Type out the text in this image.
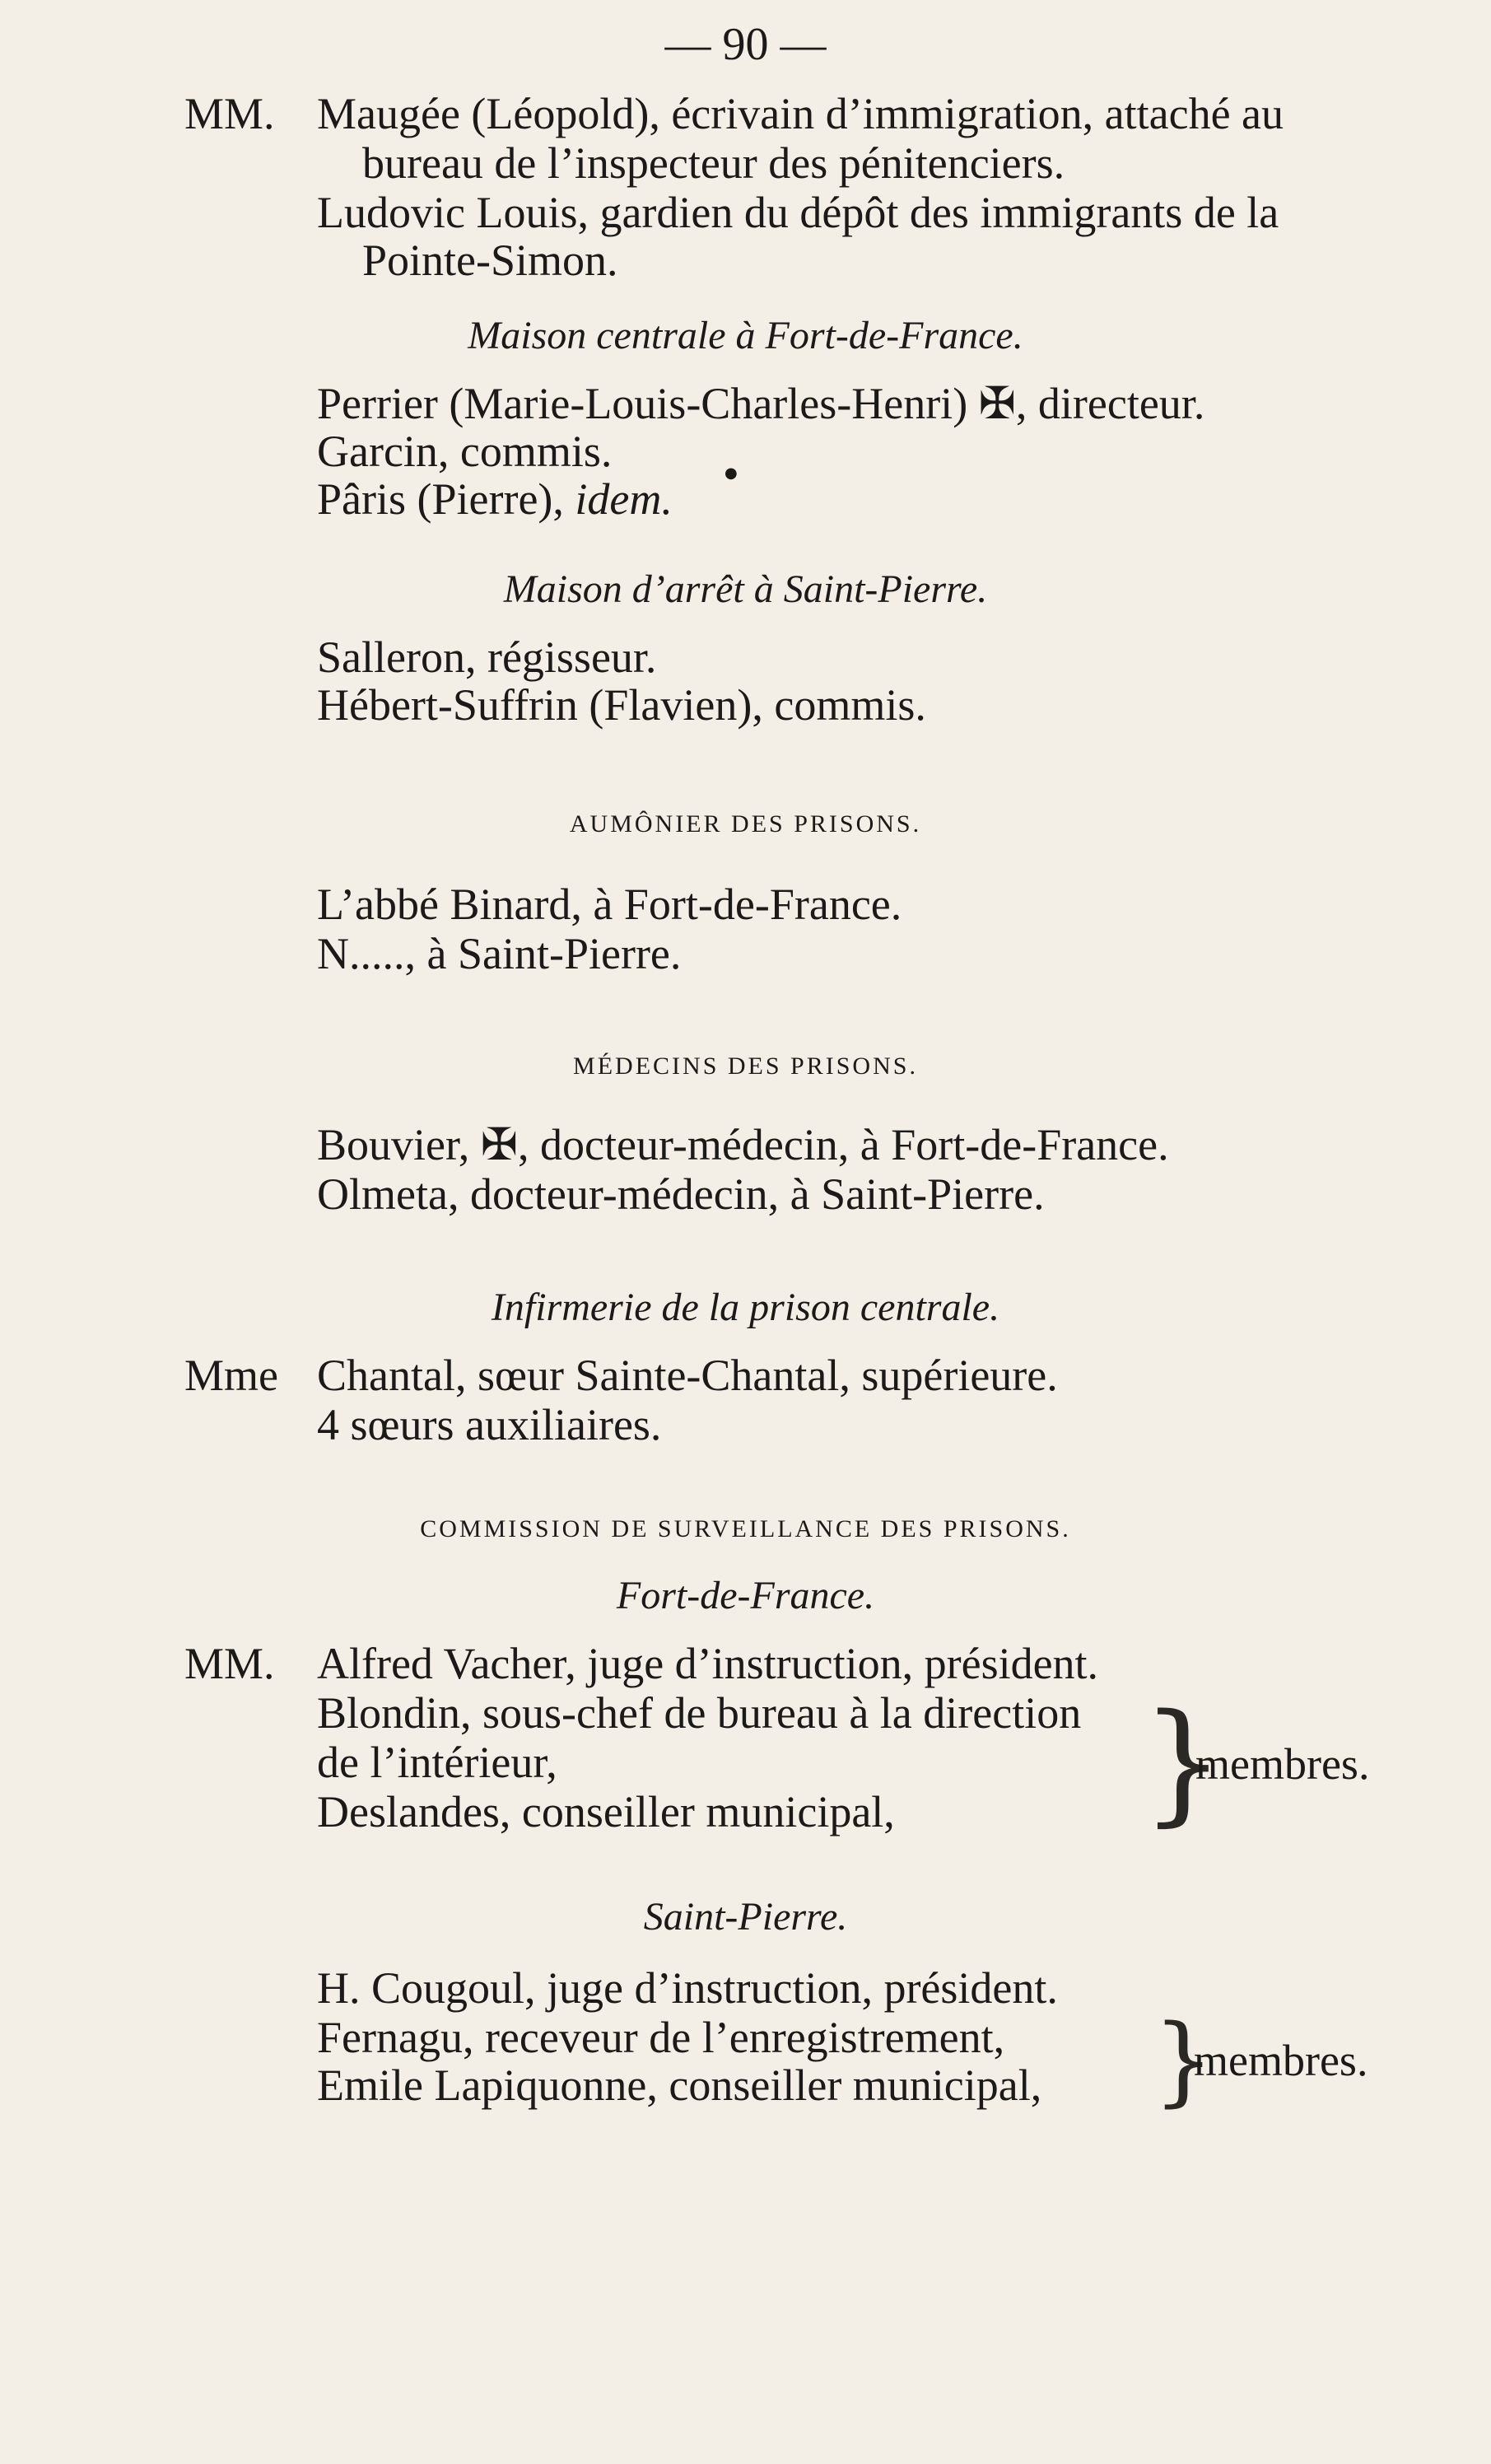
— 90 —
MM. Maugée (Léopold), écrivain d’immigration, attaché au
bureau de l’inspecteur des pénitenciers.
Ludovic Louis, gardien du dépôt des immigrants de la
Pointe-Simon.
Maison centrale à Fort-de-France.
Perrier (Marie-Louis-Charles-Henri) ✠, directeur.
Garcin, commis.
Pâris (Pierre), idem.
●
Maison d’arrêt à Saint-Pierre.
Salleron, régisseur.
Hébert-Suffrin (Flavien), commis.
AUMÔNIER DES PRISONS.
L’abbé Binard, à Fort-de-France.
N....., à Saint-Pierre.
MÉDECINS DES PRISONS.
Bouvier, ✠, docteur-médecin, à Fort-de-France.
Olmeta, docteur-médecin, à Saint-Pierre.
Infirmerie de la prison centrale.
Mme Chantal, sœur Sainte-Chantal, supérieure.
4 sœurs auxiliaires.
COMMISSION DE SURVEILLANCE DES PRISONS.
Fort-de-France.
MM. Alfred Vacher, juge d’instruction, président.
Blondin, sous-chef de bureau à la direction
de l’intérieur,
Deslandes, conseiller municipal, }
membres.
Saint-Pierre.
H. Cougoul, juge d’instruction, président.
Fernagu, receveur de l’enregistrement,
Emile Lapiquonne, conseiller municipal, }
membres.
